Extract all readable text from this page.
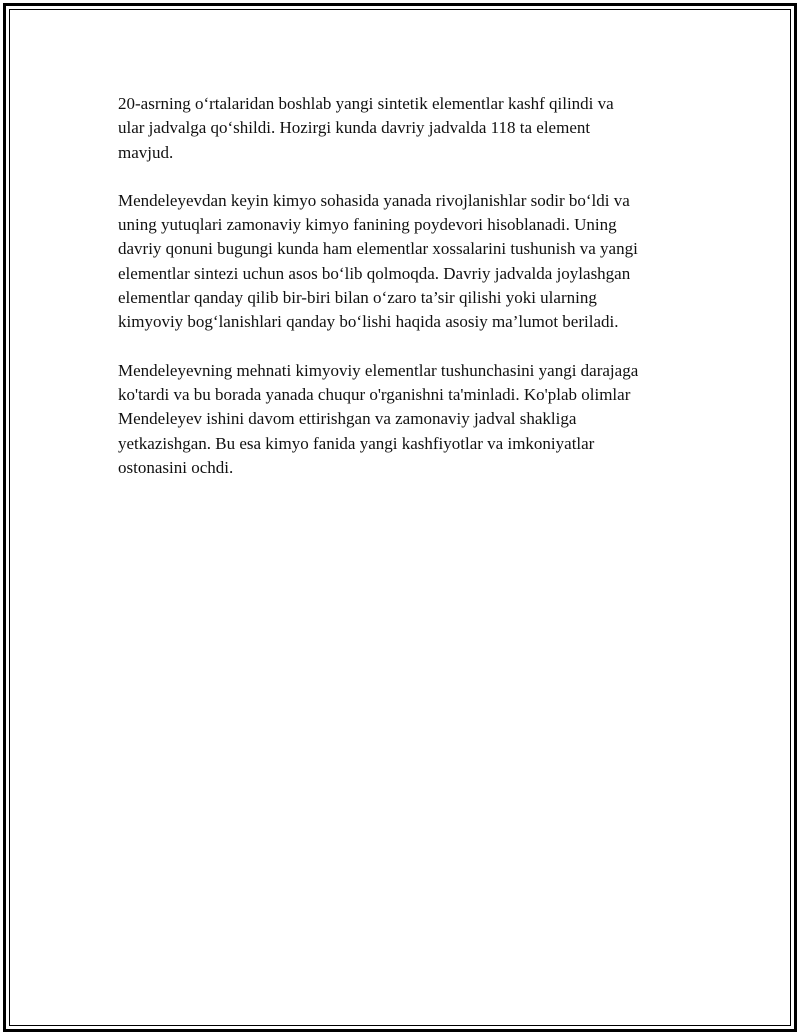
20-asrning o‘rtalaridan boshlab yangi sintetik elementlar kashf qilindi va
ular jadvalga qo‘shildi. Hozirgi kunda davriy jadvalda 118 ta element
mavjud.

Mendeleyevdan keyin kimyo sohasida yanada rivojlanishlar sodir bo‘ldi va
uning yutuqlari zamonaviy kimyo fanining poydevori hisoblanadi. Uning
davriy qonuni bugungi kunda ham elementlar xossalarini tushunish va yangi
elementlar sintezi uchun asos bo‘lib qolmoqda. Davriy jadvalda joylashgan
elementlar qanday qilib bir-biri bilan o‘zaro ta’sir qilishi yoki ularning
kimyoviy bog‘lanishlari qanday bo‘lishi haqida asosiy ma’lumot beriladi.

Mendeleyevning mehnati kimyoviy elementlar tushunchasini yangi darajaga
ko'tardi va bu borada yanada chuqur o'rganishni ta'minladi. Ko'plab olimlar
Mendeleyev ishini davom ettirishgan va zamonaviy jadval shakliga
yetkazishgan. Bu esa kimyo fanida yangi kashfiyotlar va imkoniyatlar
ostonasini ochdi.
